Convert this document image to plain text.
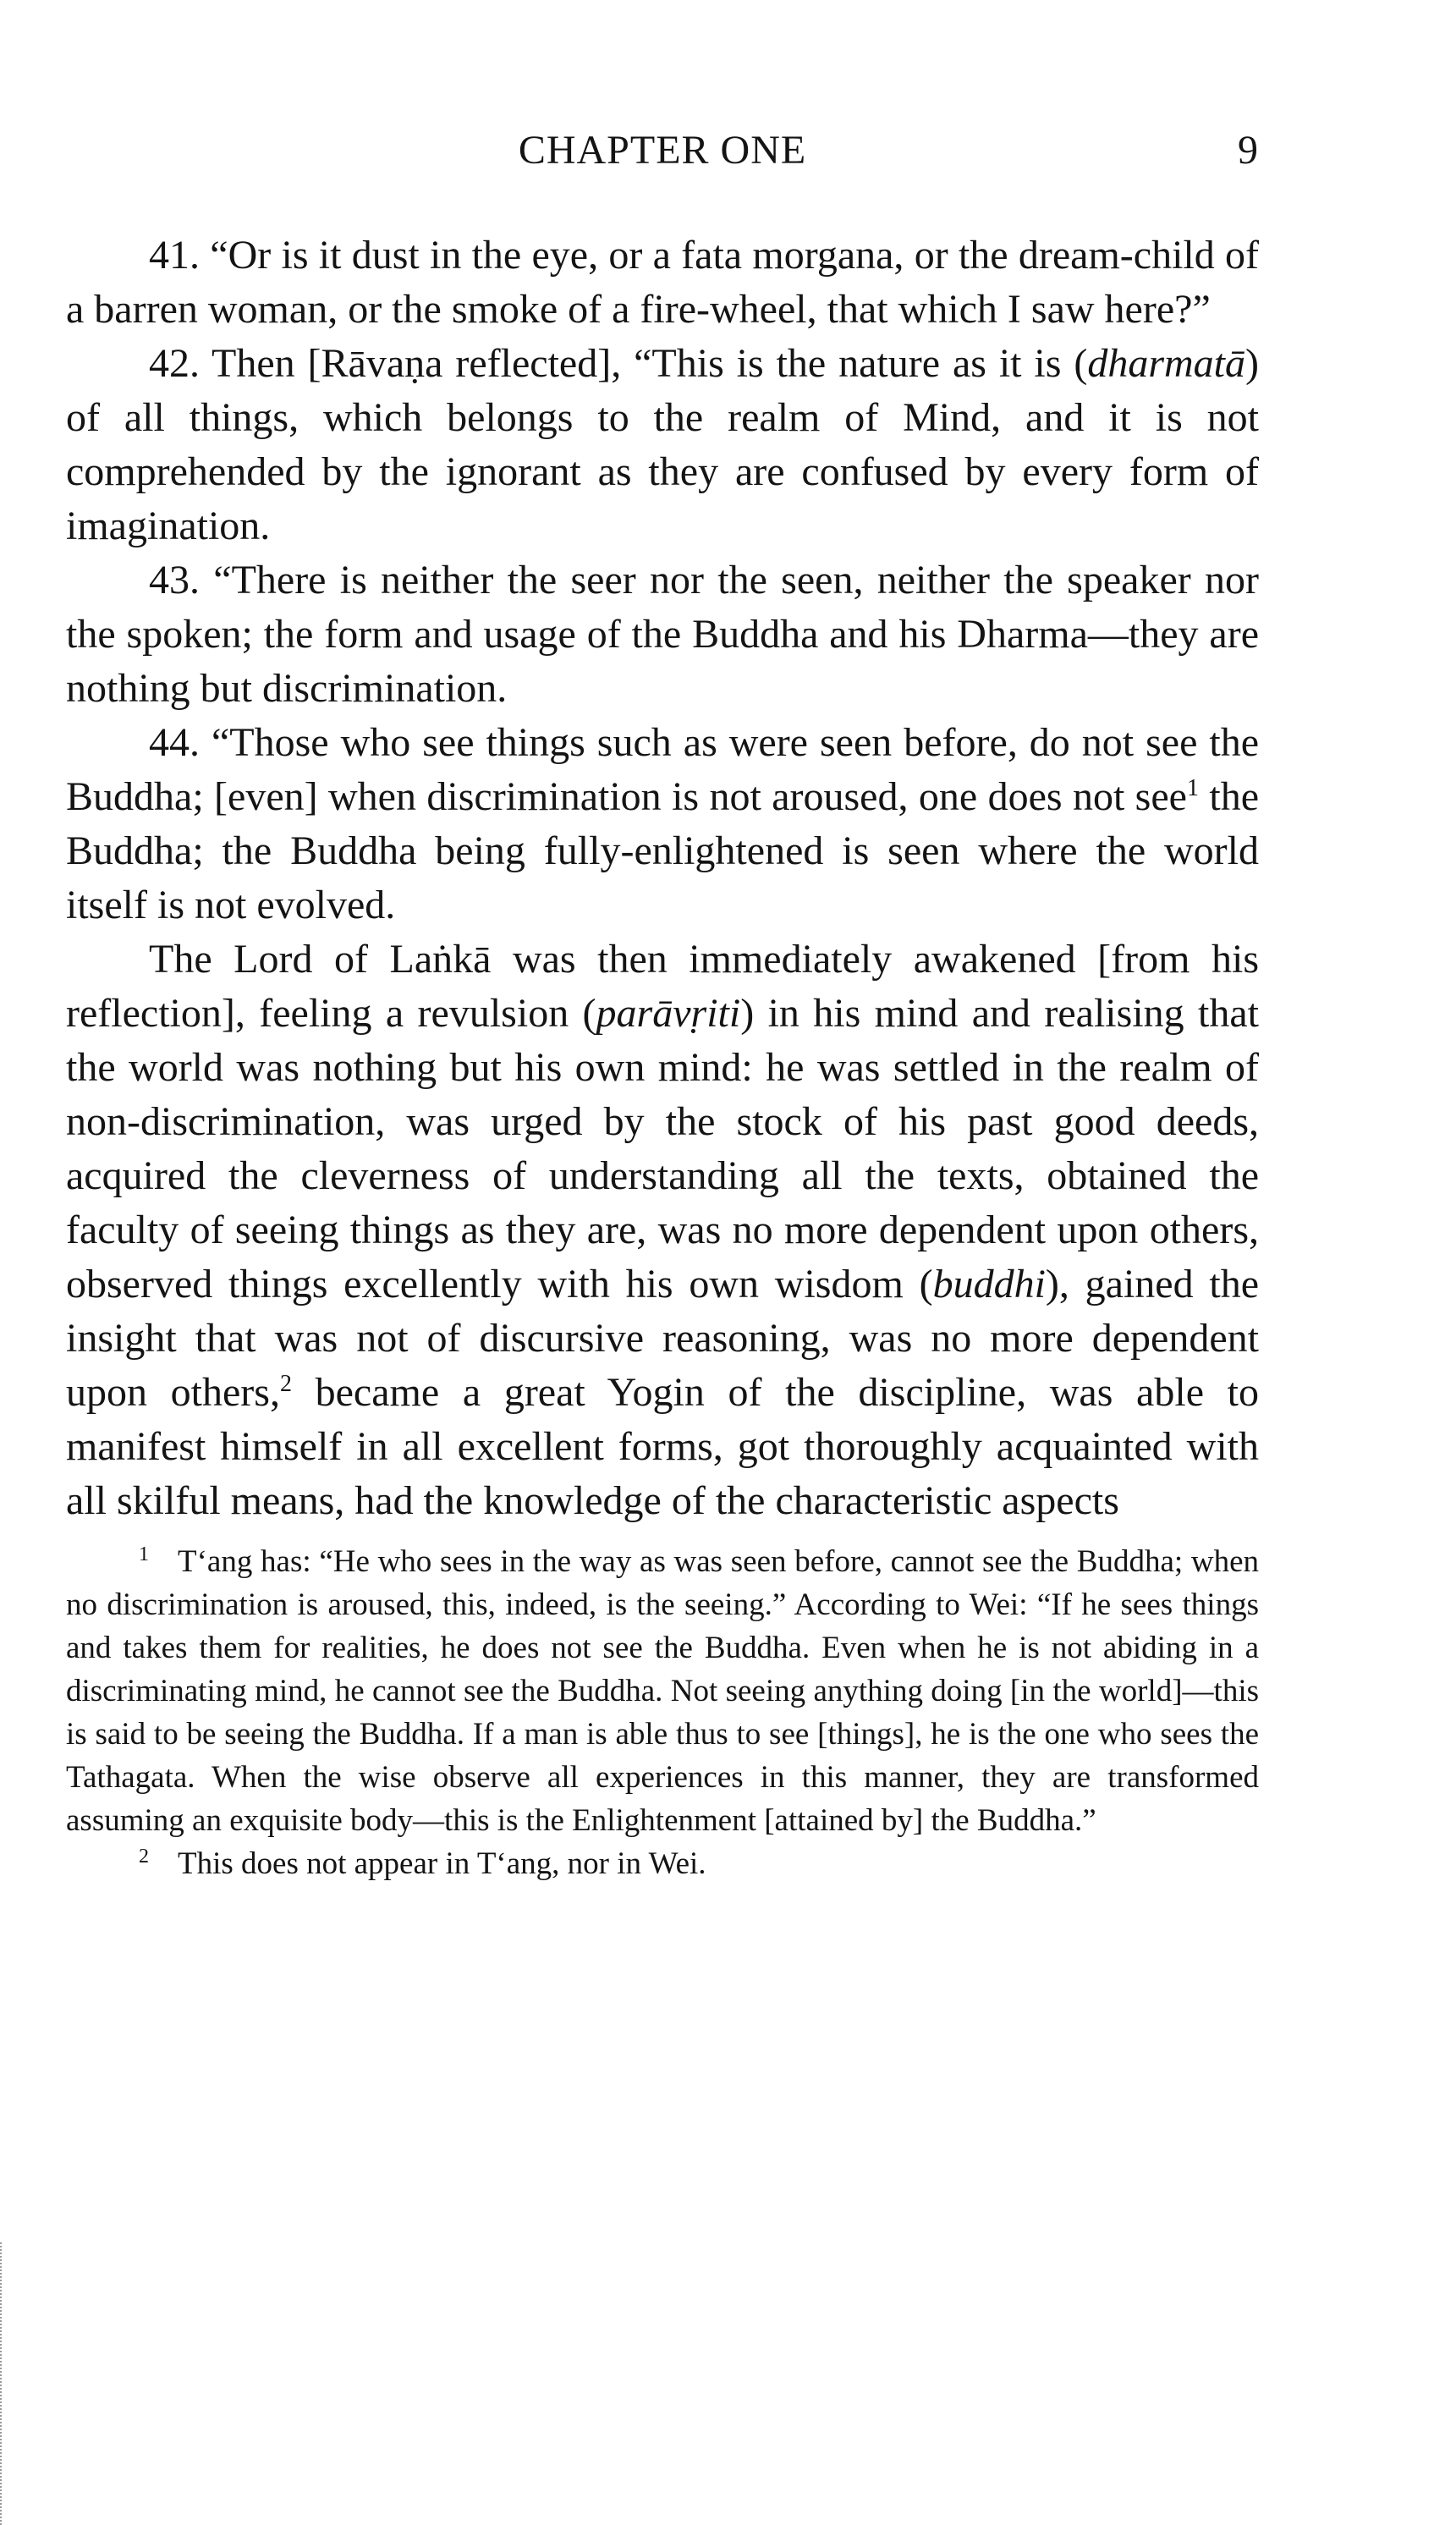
CHAPTER ONE	9

41. “Or is it dust in the eye, or a fata morgana, or the dream-child of a barren woman, or the smoke of a fire-wheel, that which I saw here?”

42. Then [Rāvaṇa reflected], “This is the nature as it is (dharmatā) of all things, which belongs to the realm of Mind, and it is not comprehended by the ignorant as they are confused by every form of imagination.

43. “There is neither the seer nor the seen, neither the speaker nor the spoken; the form and usage of the Buddha and his Dharma—they are nothing but discrimination.

44. “Those who see things such as were seen before, do not see the Buddha; [even] when discrimination is not aroused, one does not see$^1$ the Buddha; the Buddha being fully-enlightened is seen where the world itself is not evolved.

The Lord of Laṅkā was then immediately awakened [from his reflection], feeling a revulsion (parāvṛiti) in his mind and realising that the world was nothing but his own mind: he was settled in the realm of non-discrimination, was urged by the stock of his past good deeds, acquired the cleverness of understanding all the texts, obtained the faculty of seeing things as they are, was no more dependent upon others, observed things excellently with his own wisdom (buddhi), gained the insight that was not of discursive reasoning, was no more dependent upon others,$^2$ became a great Yogin of the discipline, was able to manifest himself in all excellent forms, got thoroughly acquainted with all skilful means, had the knowledge of the characteristic aspects

$^1$ T‘ang has: “He who sees in the way as was seen before, cannot see the Buddha; when no discrimination is aroused, this, indeed, is the seeing.” According to Wei: “If he sees things and takes them for realities, he does not see the Buddha. Even when he is not abiding in a discriminating mind, he cannot see the Buddha. Not seeing anything doing [in the world]—this is said to be seeing the Buddha. If a man is able thus to see [things], he is the one who sees the Tathagata. When the wise observe all experiences in this manner, they are transformed assuming an exquisite body—this is the Enlightenment [attained by] the Buddha.”

$^2$ This does not appear in T‘ang, nor in Wei.
